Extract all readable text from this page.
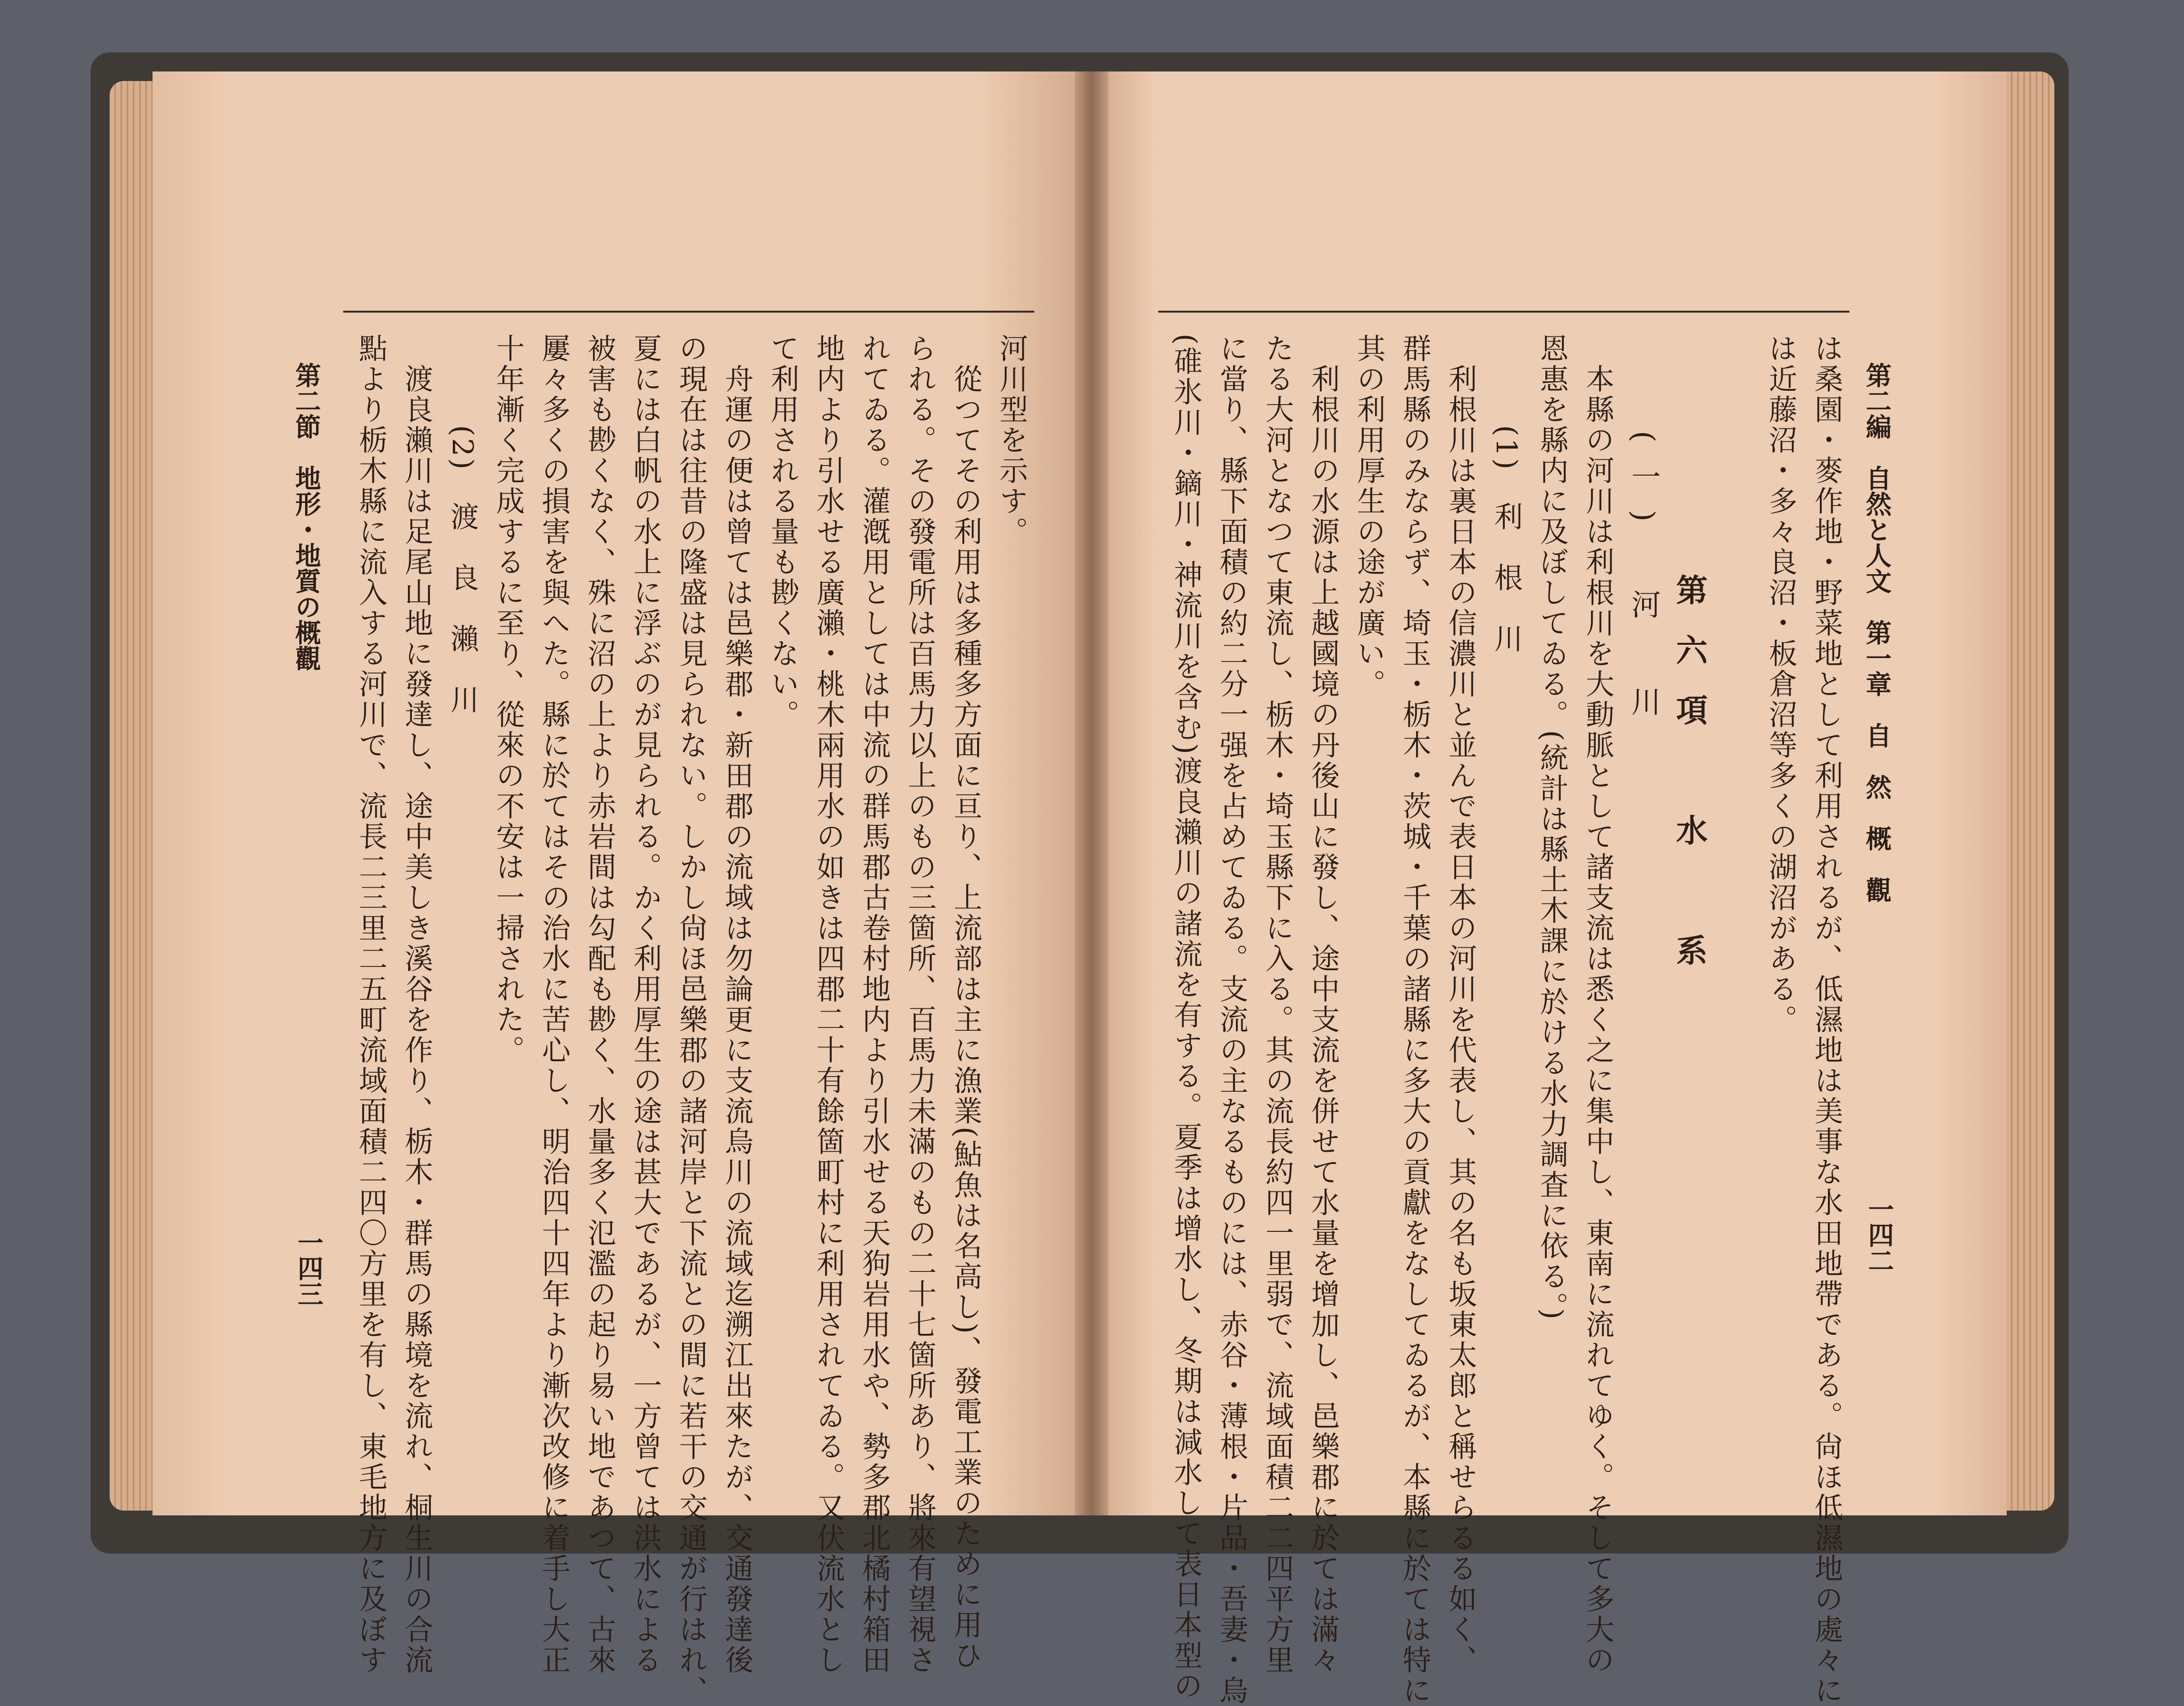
河川型を示す。
　從つてその利用は多種多方面に亘り、上流部は主に漁業(鮎魚は名高し)、發電工業のために用ひ
られる。その發電所は百馬力以上のもの三箇所、百馬力未滿のもの二十七箇所あり、將來有望視さ
れてゐる。灌漑用としては中流の群馬郡古卷村地内より引水せる天狗岩用水や、勢多郡北橘村箱田
地内より引水せる廣瀨・桃木兩用水の如きは四郡二十有餘箇町村に利用されてゐる。又伏流水とし
て利用される量も尠くない。
　舟運の便は曾ては邑樂郡・新田郡の流域は勿論更に支流烏川の流域迄溯江出來たが、交通發達後
の現在は往昔の隆盛は見られない。しかし尙ほ邑樂郡の諸河岸と下流との間に若干の交通が行はれ、
夏には白帆の水上に浮ぶのが見られる。かく利用厚生の途は甚大であるが、一方曾ては洪水による
被害も尠くなく、殊に沼の上より赤岩間は勾配も尠く、水量多く氾濫の起り易い地であつて、古來
屢々多くの損害を與へた。縣に於てはその治水に苦心し、明治四十四年より漸次改修に着手し大正
十年漸く完成するに至り、從來の不安は一掃された。
　　　(2)　渡　良　瀨　川
　渡良瀨川は足尾山地に發達し、途中美しき溪谷を作り、栃木・群馬の縣境を流れ、桐生川の合流
點より栃木縣に流入する河川で、流長二三里二五町流域面積二四〇方里を有し、東毛地方に及ぼす
第二節　地形・地質の概觀
一四三	は桑園・麥作地・野菜地として利用されるが、低濕地は美事な水田地帶である。尙ほ低濕地の處々に
は近藤沼・多々良沼・板倉沼等多くの湖沼がある。
　　　　第六項　水　系
　　(一)　河　川
　本縣の河川は利根川を大動脈として諸支流は悉く之に集中し、東南に流れてゆく。そして多大の
恩惠を縣内に及ぼしてゐる。(統計は縣土木課に於ける水力調査に依る。)
　　　(1)　利　根　川
　利根川は裏日本の信濃川と並んで表日本の河川を代表し、其の名も坂東太郎と稱せらるる如く、
群馬縣のみならず、埼玉・栃木・茨城・千葉の諸縣に多大の貢獻をなしてゐるが、本縣に於ては特に
其の利用厚生の途が廣い。
　利根川の水源は上越國境の丹後山に發し、途中支流を併せて水量を增加し、邑樂郡に於ては滿々
たる大河となつて東流し、栃木・埼玉縣下に入る。其の流長約四一里弱で、流域面積二二四平方里
に當り、縣下面積の約二分一强を占めてゐる。支流の主なるものには、赤谷・薄根・片品・吾妻・烏
(碓氷川・鏑川・神流川を含む)渡良瀨川の諸流を有する。夏季は增水し、冬期は減水して表日本型の	第二編　自然と人文　第一章　自　然　概　觀
一四二
